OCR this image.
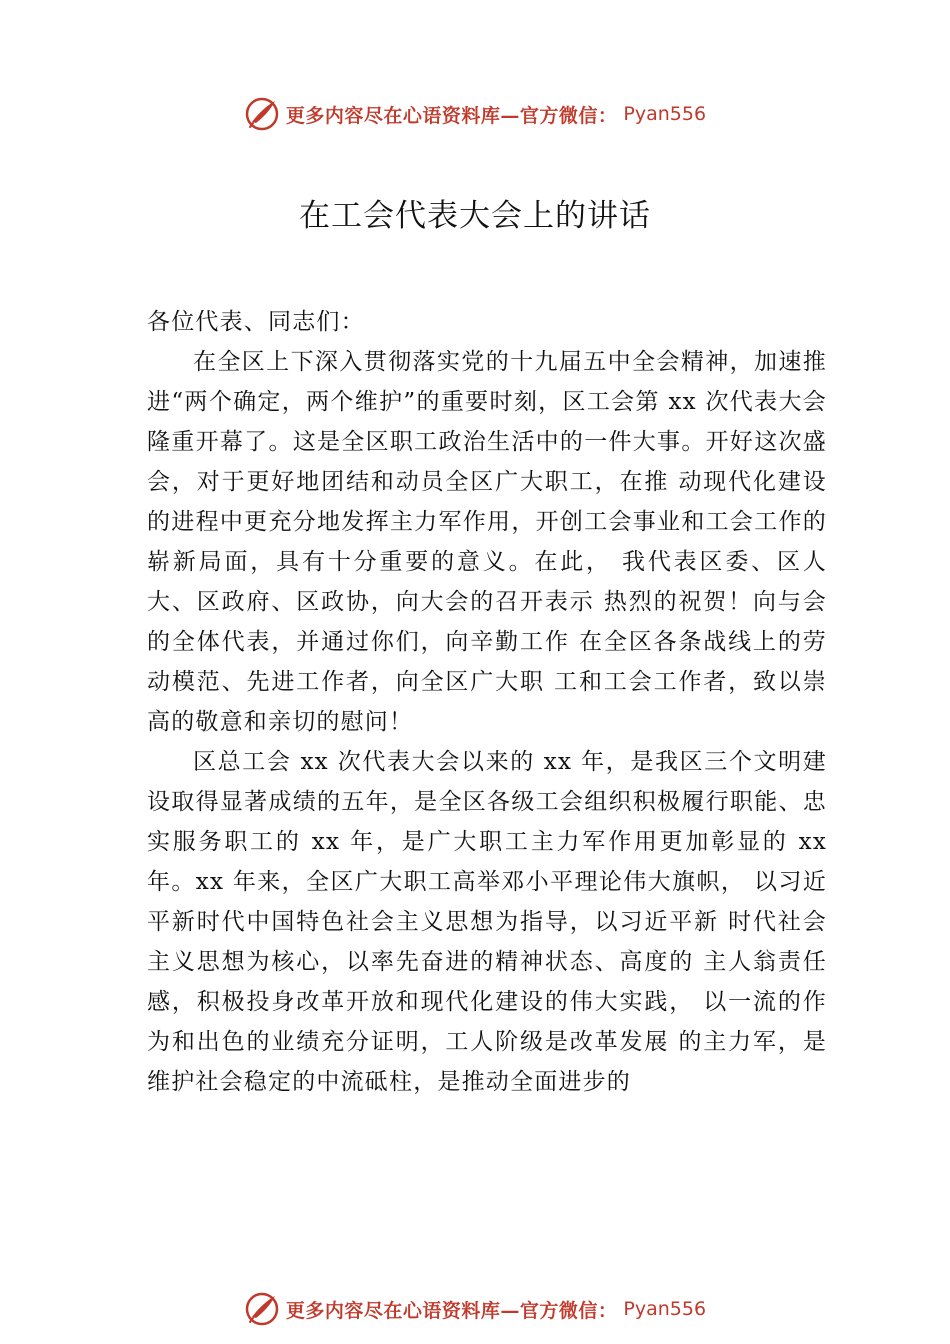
更多内容尽在心语资料库—官方微信： Pyan556
在工会代表大会上的讲话

各位代表、同志们：

在全区上下深入贯彻落实党的十九届五中全会精神，加速推进“两个确定，两个维护”的重要时刻，区工会第 xx 次代表大会隆重开幕了。这是全区职工政治生活中的一件大事。开好这次盛会，对于更好地团结和动员全区广大职工，在推 动现代化建设的进程中更充分地发挥主力军作用，开创工会事业和工会工作的崭新局面，具有十分重要的意义。在此， 我代表区委、区人大、区政府、区政协，向大会的召开表示 热烈的祝贺！向与会的全体代表，并通过你们，向辛勤工作 在全区各条战线上的劳动模范、先进工作者，向全区广大职 工和工会工作者，致以崇高的敬意和亲切的慰问！

区总工会 xx 次代表大会以来的 xx 年，是我区三个文明建设取得显著成绩的五年，是全区各级工会组织积极履行职能、忠实服务职工的 xx 年，是广大职工主力军作用更加彰显的 xx 年。xx 年来，全区广大职工高举邓小平理论伟大旗帜， 以习近平新时代中国特色社会主义思想为指导，以习近平新 时代社会主义思想为核心，以率先奋进的精神状态、高度的 主人翁责任感，积极投身改革开放和现代化建设的伟大实践， 以一流的作为和出色的业绩充分证明，工人阶级是改革发展 的主力军，是维护社会稳定的中流砥柱，是推动全面进步的

更多内容尽在心语资料库—官方微信： Pyan556
